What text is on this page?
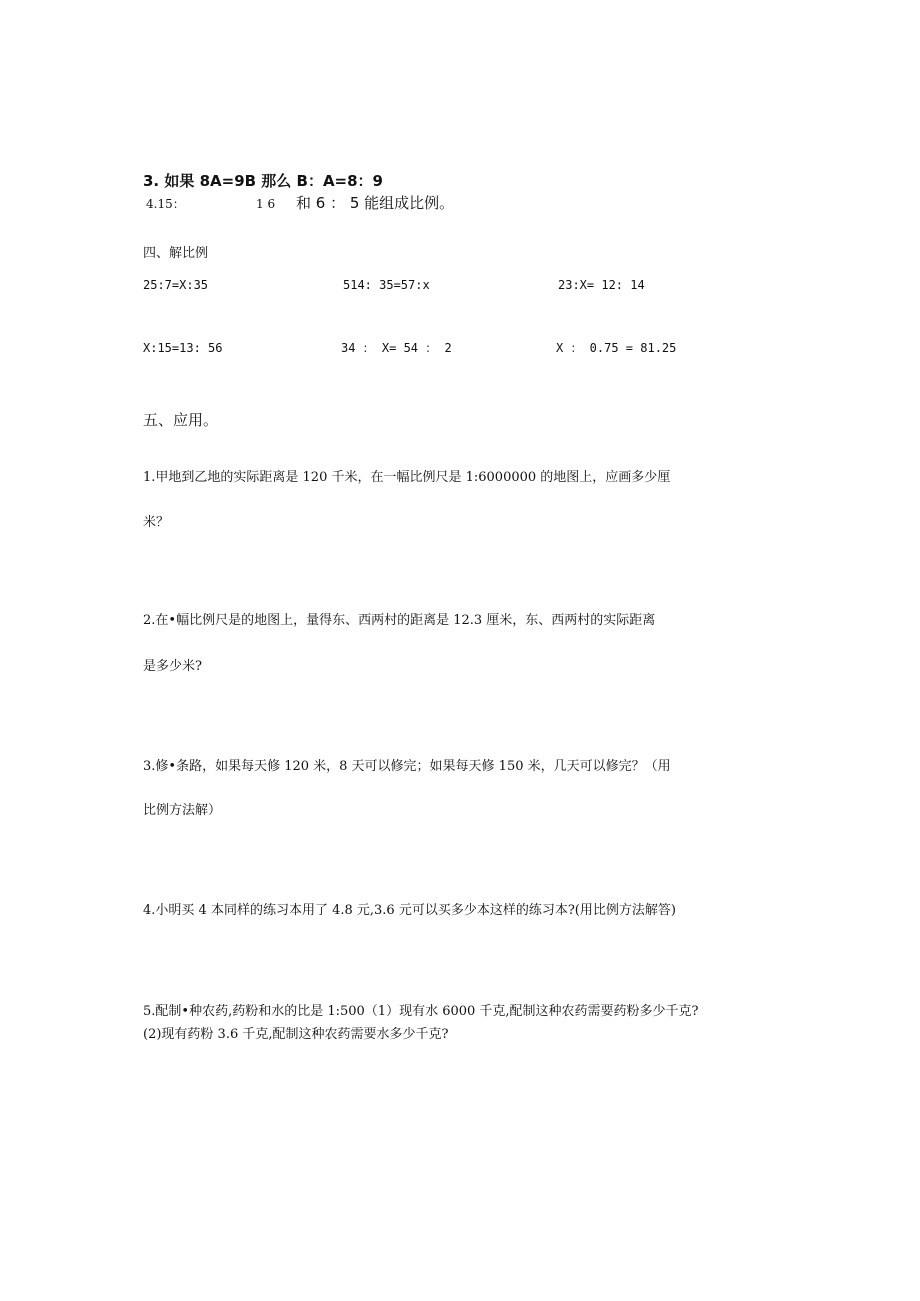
3. 如果 8A=9B 那么 B：A=8：9
4.15：	1 6 和 6 ： 5 能组成比例。
四、解比例
25:7=X:35	514: 35=57:x	23:X= 12: 14
X:15=13: 56	34 ： X= 54 ： 2	X ： 0.75 = 81.25
五、应用。
1.甲地到乙地的实际距离是 120 千米，在一幅比例尺是 1:6000000 的地图上，应画多少厘
米？
2.在•幅比例尺是的地图上，量得东、西两村的距离是 12.3 厘米，东、西两村的实际距离
是多少米?
3.修•条路，如果每天修 120 米，8 天可以修完；如果每天修 150 米，几天可以修完？（用
比例方法解）
4.小明买 4 本同样的练习本用了 4.8 元,3.6 元可以买多少本这样的练习本?(用比例方法解答)
5.配制•种农药,药粉和水的比是 1:500（1）现有水 6000 千克,配制这种农药需要药粉多少千克?
(2)现有药粉 3.6 千克,配制这种农药需要水多少千克?
